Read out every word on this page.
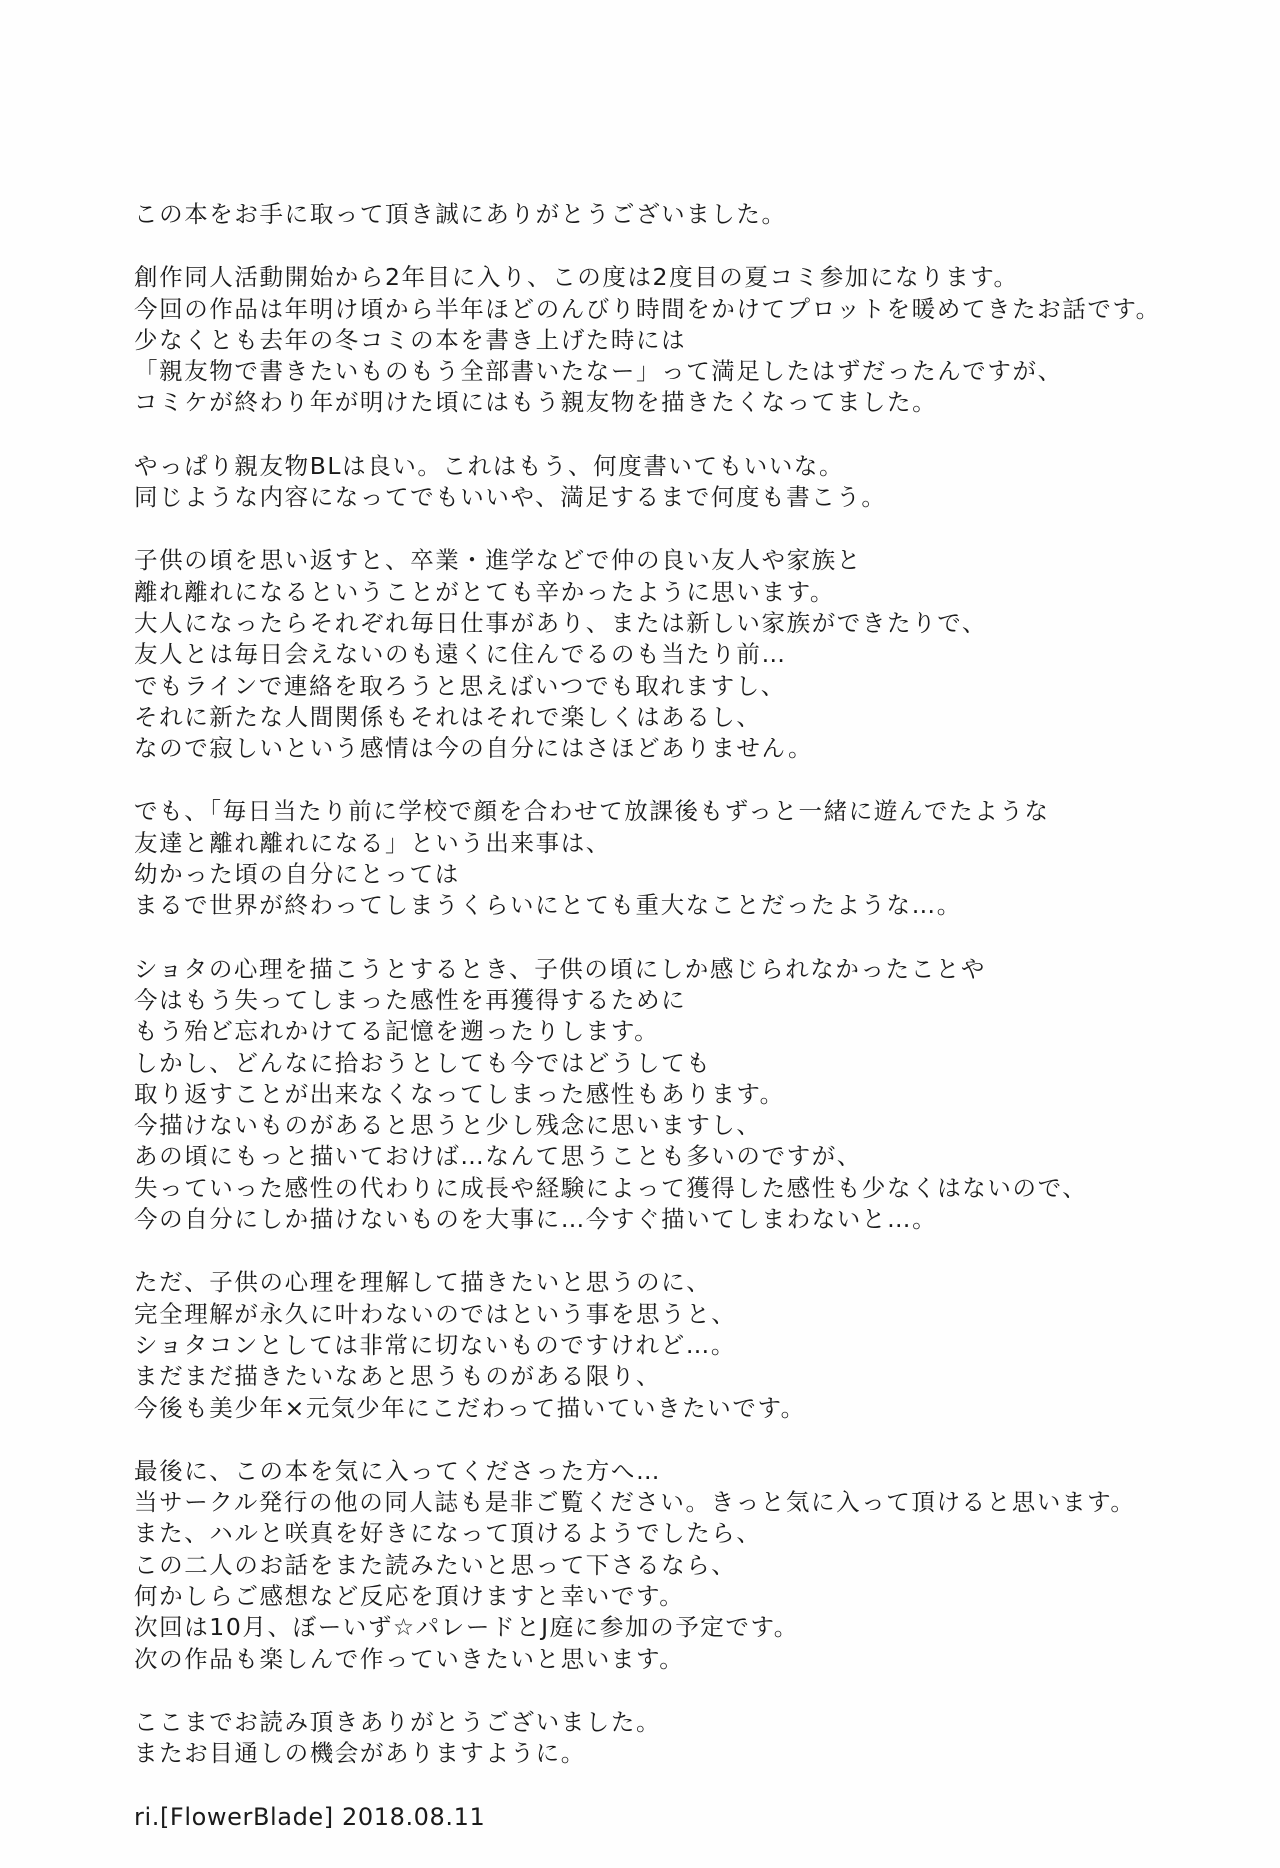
この本をお手に取って頂き誠にありがとうございました。
創作同人活動開始から2年目に入り、この度は2度目の夏コミ参加になります。
今回の作品は年明け頃から半年ほどのんびり時間をかけてプロットを暖めてきたお話です。
少なくとも去年の冬コミの本を書き上げた時には
「親友物で書きたいものもう全部書いたなー」って満足したはずだったんですが、
コミケが終わり年が明けた頃にはもう親友物を描きたくなってました。
やっぱり親友物BLは良い。これはもう、何度書いてもいいな。
同じような内容になってでもいいや、満足するまで何度も書こう。
子供の頃を思い返すと、卒業・進学などで仲の良い友人や家族と
離れ離れになるということがとても辛かったように思います。
大人になったらそれぞれ毎日仕事があり、または新しい家族ができたりで、
友人とは毎日会えないのも遠くに住んでるのも当たり前…
でもラインで連絡を取ろうと思えばいつでも取れますし、
それに新たな人間関係もそれはそれで楽しくはあるし、
なので寂しいという感情は今の自分にはさほどありません。
でも、「毎日当たり前に学校で顔を合わせて放課後もずっと一緒に遊んでたような
友達と離れ離れになる」という出来事は、
幼かった頃の自分にとっては
まるで世界が終わってしまうくらいにとても重大なことだったような…。
ショタの心理を描こうとするとき、子供の頃にしか感じられなかったことや
今はもう失ってしまった感性を再獲得するために
もう殆ど忘れかけてる記憶を遡ったりします。
しかし、どんなに拾おうとしても今ではどうしても
取り返すことが出来なくなってしまった感性もあります。
今描けないものがあると思うと少し残念に思いますし、
あの頃にもっと描いておけば…なんて思うことも多いのですが、
失っていった感性の代わりに成長や経験によって獲得した感性も少なくはないので、
今の自分にしか描けないものを大事に…今すぐ描いてしまわないと…。
ただ、子供の心理を理解して描きたいと思うのに、
完全理解が永久に叶わないのではという事を思うと、
ショタコンとしては非常に切ないものですけれど…。
まだまだ描きたいなあと思うものがある限り、
今後も美少年×元気少年にこだわって描いていきたいです。
最後に、この本を気に入ってくださった方へ…
当サークル発行の他の同人誌も是非ご覧ください。きっと気に入って頂けると思います。
また、ハルと咲真を好きになって頂けるようでしたら、
この二人のお話をまた読みたいと思って下さるなら、
何かしらご感想など反応を頂けますと幸いです。
次回は10月、ぼーいず☆パレードとJ庭に参加の予定です。
次の作品も楽しんで作っていきたいと思います。
ここまでお読み頂きありがとうございました。
またお目通しの機会がありますように。
ri.[FlowerBlade] 2018.08.11
